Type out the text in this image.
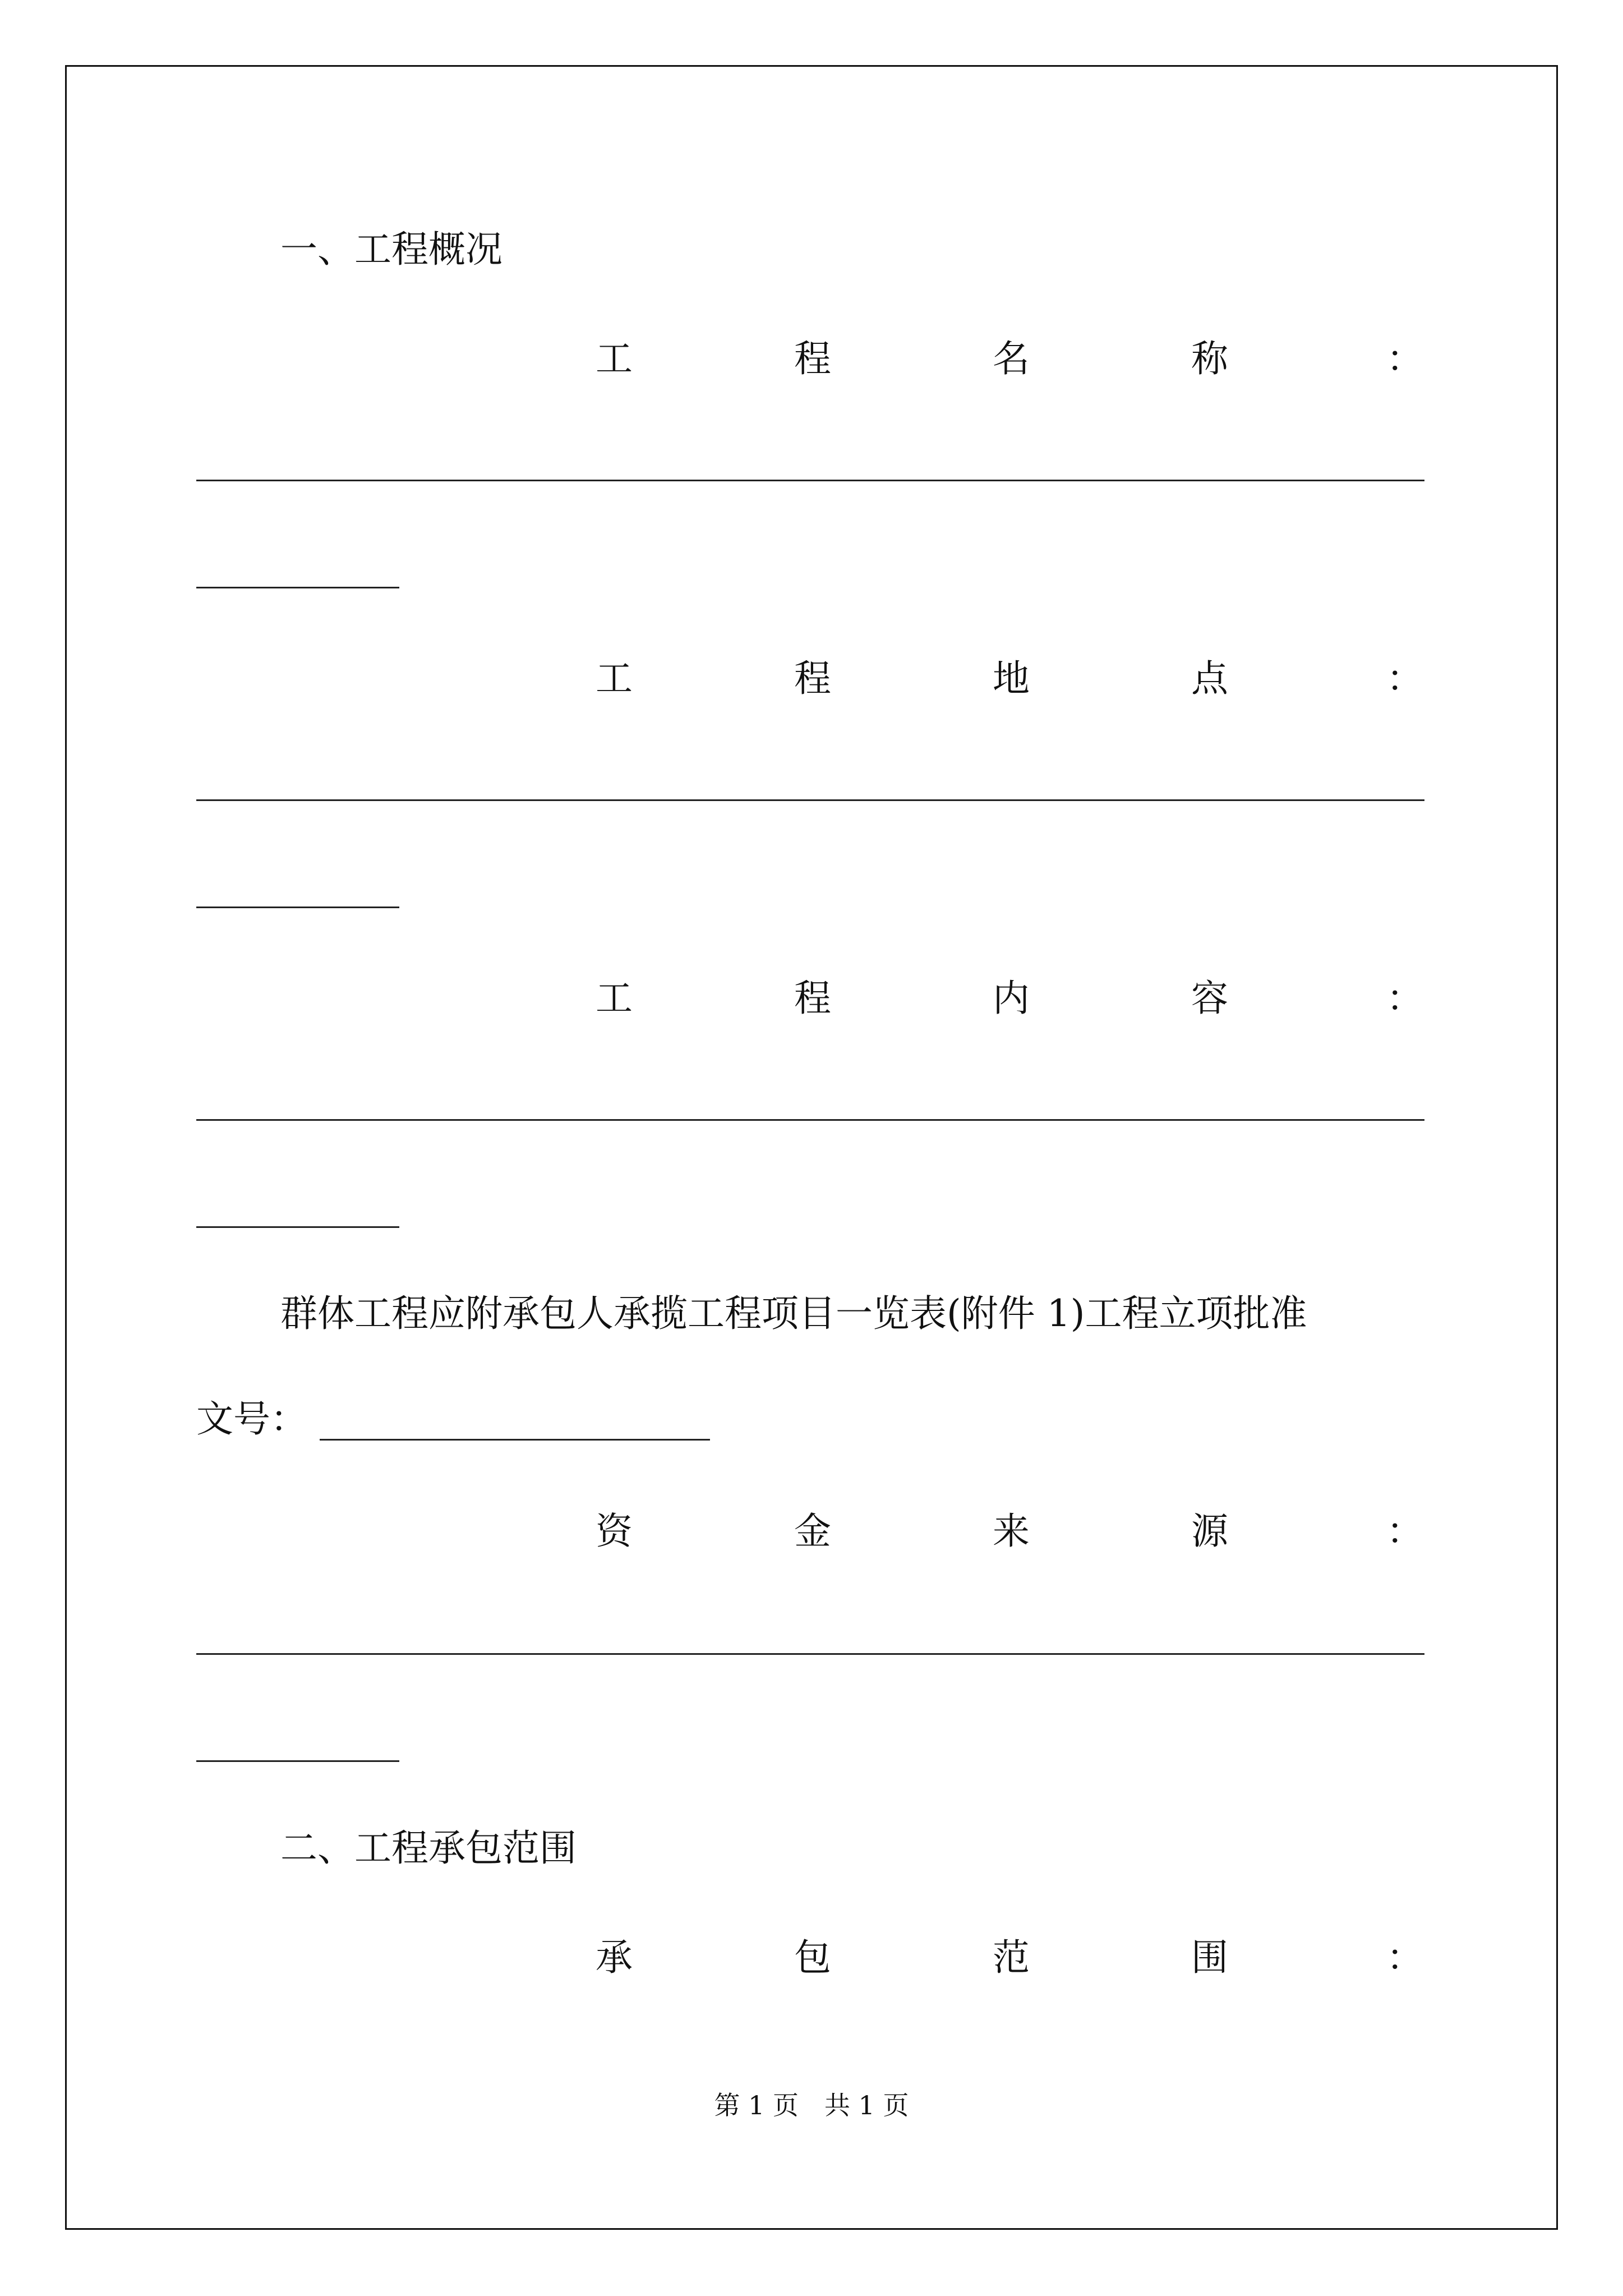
一、工程概况
工	程	名	称	：
工	程	地	点	：
工	程	内	容	：
群体工程应附承包人承揽工程项目一览表(附件 1)工程立项批准
文号：
资	金	来	源	：
二、工程承包范围
承	包	范	围	：
第 1 页　共 1 页
